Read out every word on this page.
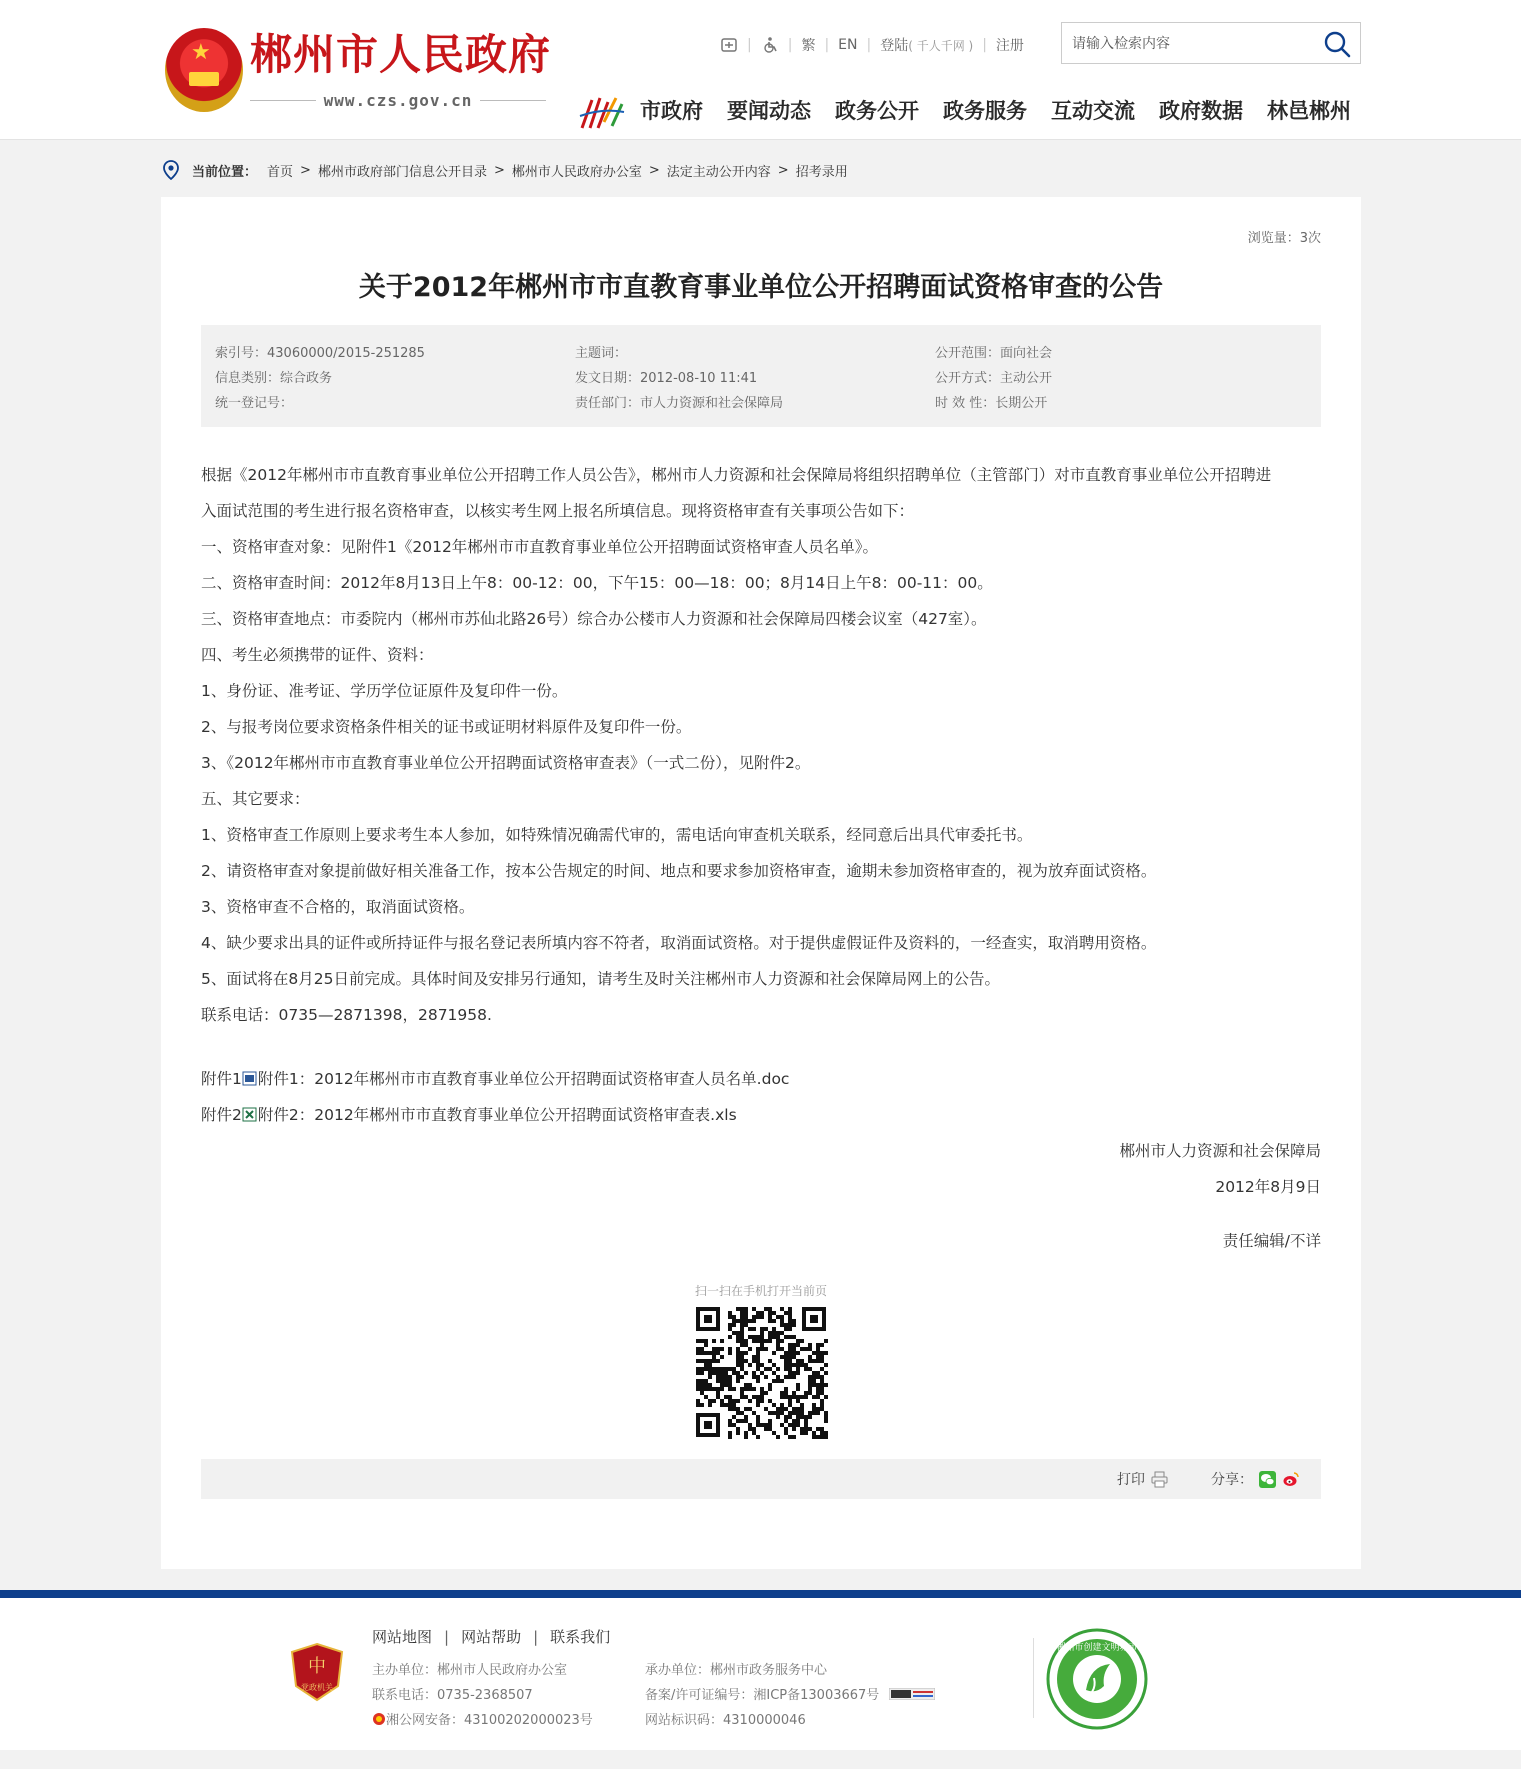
★ 郴州市人民政府
www.czs.gov.cn
|	| 繁 | EN | 登陆 ( 千人千网 ) | 注册
请输入检索内容
市政府 要闻动态 政务公开 政务服务 互动交流 政府数据 林邑郴州
当前位置： 首页 > 郴州市政府部门信息公开目录 > 郴州市人民政府办公室 > 法定主动公开内容 > 招考录用
浏览量：3次
关于2012年郴州市市直教育事业单位公开招聘面试资格审查的公告
索引号：43060000/2015-251285
信息类别：综合政务
统一登记号：
主题词：
发文日期：2012-08-10 11:41
责任部门：市人力资源和社会保障局
公开范围：面向社会
公开方式：主动公开
时 效 性：长期公开

根据《2012年郴州市市直教育事业单位公开招聘工作人员公告》，郴州市人力资源和社会保障局将组织招聘单位（主管部门）对市直教育事业单位公开招聘进

入面试范围的考生进行报名资格审查，以核实考生网上报名所填信息。现将资格审查有关事项公告如下：

一、资格审查对象：见附件1《2012年郴州市市直教育事业单位公开招聘面试资格审查人员名单》。

二、资格审查时间：2012年8月13日上午8：00-12：00，下午15：00—18：00；8月14日上午8：00-11：00。

三、资格审查地点：市委院内（郴州市苏仙北路26号）综合办公楼市人力资源和社会保障局四楼会议室（427室）。

四、考生必须携带的证件、资料：

1、身份证、准考证、学历学位证原件及复印件一份。

2、与报考岗位要求资格条件相关的证书或证明材料原件及复印件一份。

3、《2012年郴州市市直教育事业单位公开招聘面试资格审查表》（一式二份），见附件2。

五、其它要求：

1、资格审查工作原则上要求考生本人参加，如特殊情况确需代审的，需电话向审查机关联系，经同意后出具代审委托书。

2、请资格审查对象提前做好相关准备工作，按本公告规定的时间、地点和要求参加资格审查，逾期未参加资格审查的，视为放弃面试资格。

3、资格审查不合格的，取消面试资格。

4、缺少要求出具的证件或所持证件与报名登记表所填内容不符者，取消面试资格。对于提供虚假证件及资料的，一经查实，取消聘用资格。

5、面试将在8月25日前完成。具体时间及安排另行通知，请考生及时关注郴州市人力资源和社会保障局网上的公告。

联系电话：0735—2871398，2871958.

附件1 附件1：2012年郴州市市直教育事业单位公开招聘面试资格审查人员名单.doc

附件2 附件2：2012年郴州市市直教育事业单位公开招聘面试资格审查表.xls

郴州市人力资源和社会保障局

2012年8月9日

责任编辑/不详

扫一扫在手机打开当前页
打印	分享：
中
党政机关
网站地图 | 网站帮助 | 联系我们
主办单位：郴州市人民政府办公室
联系电话：0735-2368507
湘公网安备：43100202000023号
承办单位：郴州市政务服务中心
备案/许可证编号：湘ICP备13003667号
网站标识码：4310000046
郴州市创建文明城市
